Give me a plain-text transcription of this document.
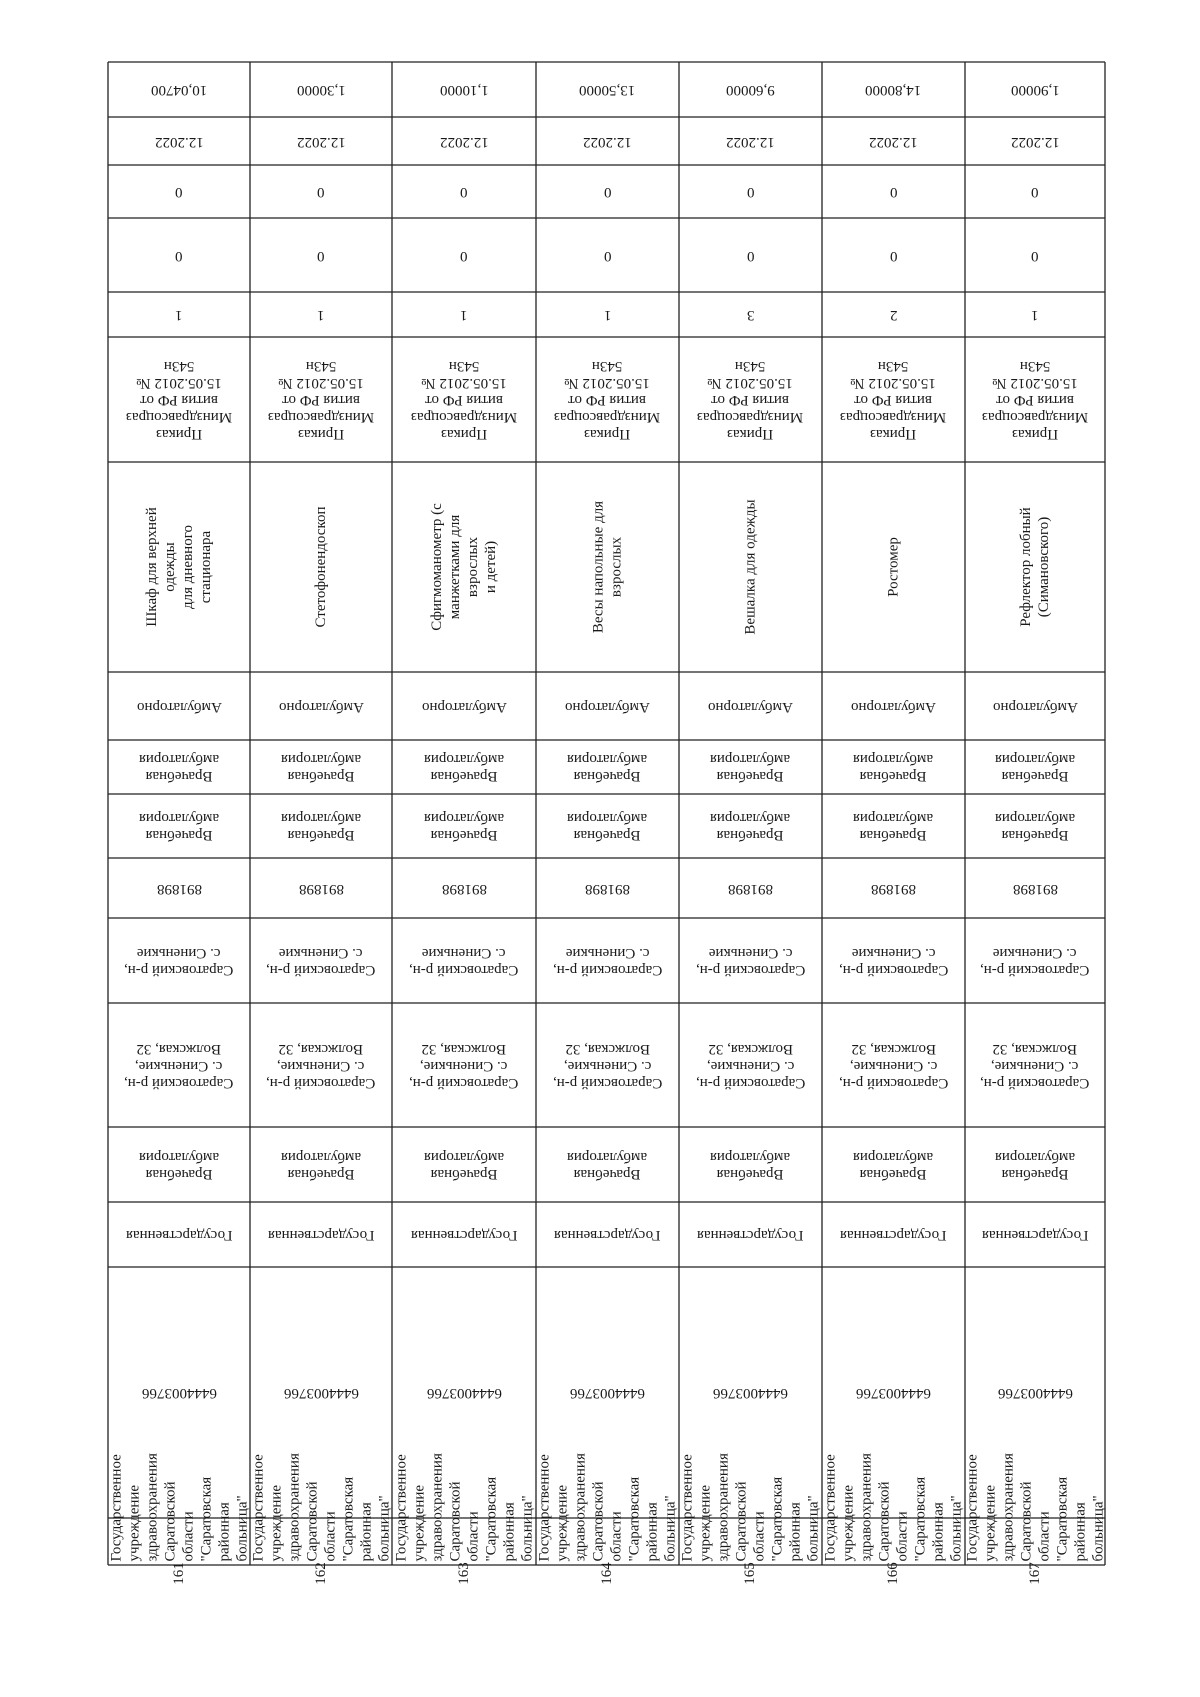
10,04700
12.2022
0
0
1
Приказ
Минздравсоцраз
вития РФ от
15.05.2012 №
543н
Шкаф для верхней одежды
для дневного стационара
Амбулаторно
Врачебная
амбулатория
Врачебная
амбулатория
891898
Саратовский р-н,
с. Синенькие
Саратовский р-н,
с. Синенькие,
Волжская, 32
Врачебная
амбулатория
Государственная
6444003766
Государственное
учреждение
здравоохранения
Саратовской области
"Саратовская районная
больница"
161
1,30000
12.2022
0
0
1
Приказ
Минздравсоцраз
вития РФ от
15.05.2012 №
543н
Стетофонендоскоп
Амбулаторно
Врачебная
амбулатория
Врачебная
амбулатория
891898
Саратовский р-н,
с. Синенькие
Саратовский р-н,
с. Синенькие,
Волжская, 32
Врачебная
амбулатория
Государственная
6444003766
Государственное
учреждение
здравоохранения
Саратовской области
"Саратовская районная
больница"
162
1,10000
12.2022
0
0
1
Приказ
Минздравсоцраз
вития РФ от
15.05.2012 №
543н
Сфигмоманометр (с
манжетками для взрослых
и детей)
Амбулаторно
Врачебная
амбулатория
Врачебная
амбулатория
891898
Саратовский р-н,
с. Синенькие
Саратовский р-н,
с. Синенькие,
Волжская, 32
Врачебная
амбулатория
Государственная
6444003766
Государственное
учреждение
здравоохранения
Саратовской области
"Саратовская районная
больница"
163
13,50000
12.2022
0
0
1
Приказ
Минздравсоцраз
вития РФ от
15.05.2012 №
543н
Весы напольные для
взрослых
Амбулаторно
Врачебная
амбулатория
Врачебная
амбулатория
891898
Саратовский р-н,
с. Синенькие
Саратовский р-н,
с. Синенькие,
Волжская, 32
Врачебная
амбулатория
Государственная
6444003766
Государственное
учреждение
здравоохранения
Саратовской области
"Саратовская районная
больница"
164
9,60000
12.2022
0
0
3
Приказ
Минздравсоцраз
вития РФ от
15.05.2012 №
543н
Вешалка для одежды
Амбулаторно
Врачебная
амбулатория
Врачебная
амбулатория
891898
Саратовский р-н,
с. Синенькие
Саратовский р-н,
с. Синенькие,
Волжская, 32
Врачебная
амбулатория
Государственная
6444003766
Государственное
учреждение
здравоохранения
Саратовской области
"Саратовская районная
больница"
165
14,80000
12.2022
0
0
2
Приказ
Минздравсоцраз
вития РФ от
15.05.2012 №
543н
Ростомер
Амбулаторно
Врачебная
амбулатория
Врачебная
амбулатория
891898
Саратовский р-н,
с. Синенькие
Саратовский р-н,
с. Синенькие,
Волжская, 32
Врачебная
амбулатория
Государственная
6444003766
Государственное
учреждение
здравоохранения
Саратовской области
"Саратовская районная
больница"
166
1,90000
12.2022
0
0
1
Приказ
Минздравсоцраз
вития РФ от
15.05.2012 №
543н
Рефлектор лобный
(Симановского)
Амбулаторно
Врачебная
амбулатория
Врачебная
амбулатория
891898
Саратовский р-н,
с. Синенькие
Саратовский р-н,
с. Синенькие,
Волжская, 32
Врачебная
амбулатория
Государственная
6444003766
Государственное
учреждение
здравоохранения
Саратовской области
"Саратовская районная
больница"
167
